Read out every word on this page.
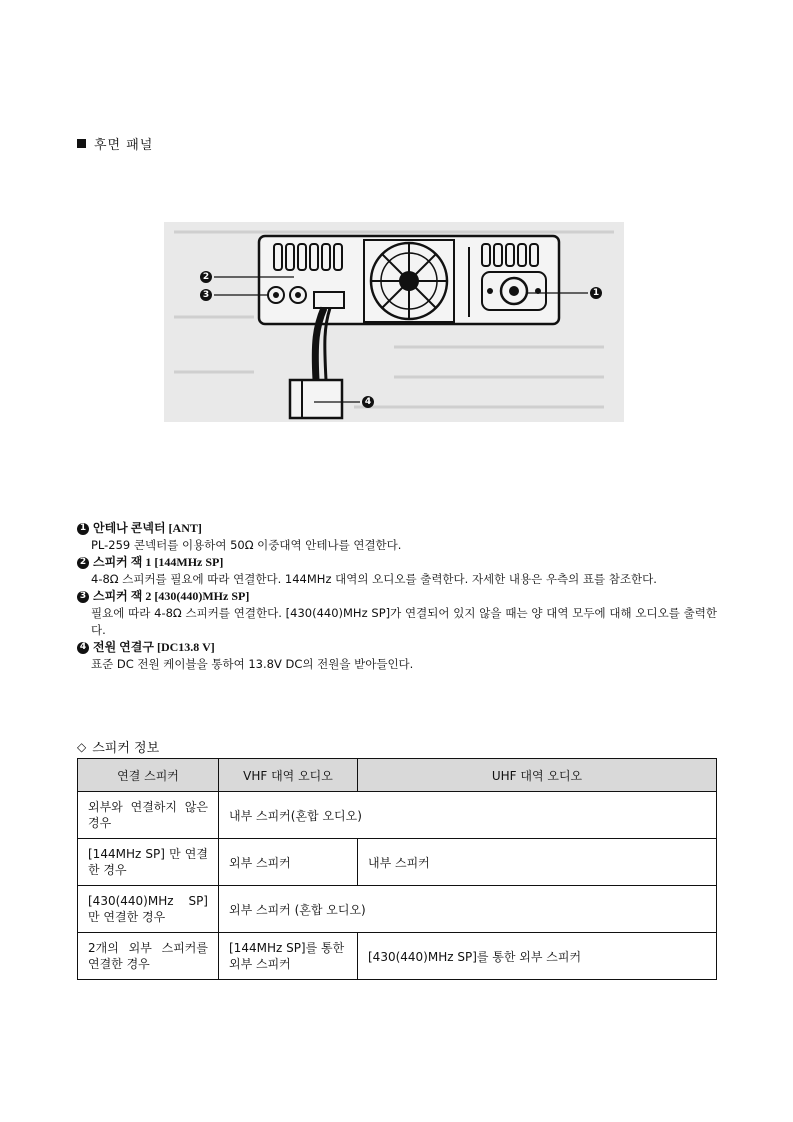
후면 패널
2
3	1
4
1 안테나 콘넥터 [ANT]
PL-259 콘넥터를 이용하여 50Ω 이중대역 안테나를 연결한다.
2 스피커 잭 1 [144MHz SP]
4-8Ω 스피커를 필요에 따라 연결한다. 144MHz 대역의 오디오를 출력한다. 자세한 내용은 우측의 표를 참조한다.
3 스피커 잭 2 [430(440)MHz SP]
필요에 따라 4-8Ω 스피커를 연결한다. [430(440)MHz SP]가 연결되어 있지 않을 때는 양 대역 모두에 대해 오디오를 출력한다.
4 전원 연결구 [DC13.8 V]
표준 DC 전원 케이블을 통하여 13.8V DC의 전원을 받아들인다.
◇ 스피커 정보
연결 스피커	VHF 대역 오디오	UHF 대역 오디오
외부와 연결하지 않은 경우	내부 스피커(혼합 오디오)	
[144MHz SP] 만 연결한 경우	외부 스피커	내부 스피커
[430(440)MHz SP] 만 연결한 경우	외부 스피커 (혼합 오디오)	
2개의 외부 스피커를 연결한 경우	[144MHz SP]를 통한 외부 스피커	[430(440)MHz SP]를 통한 외부 스피커
